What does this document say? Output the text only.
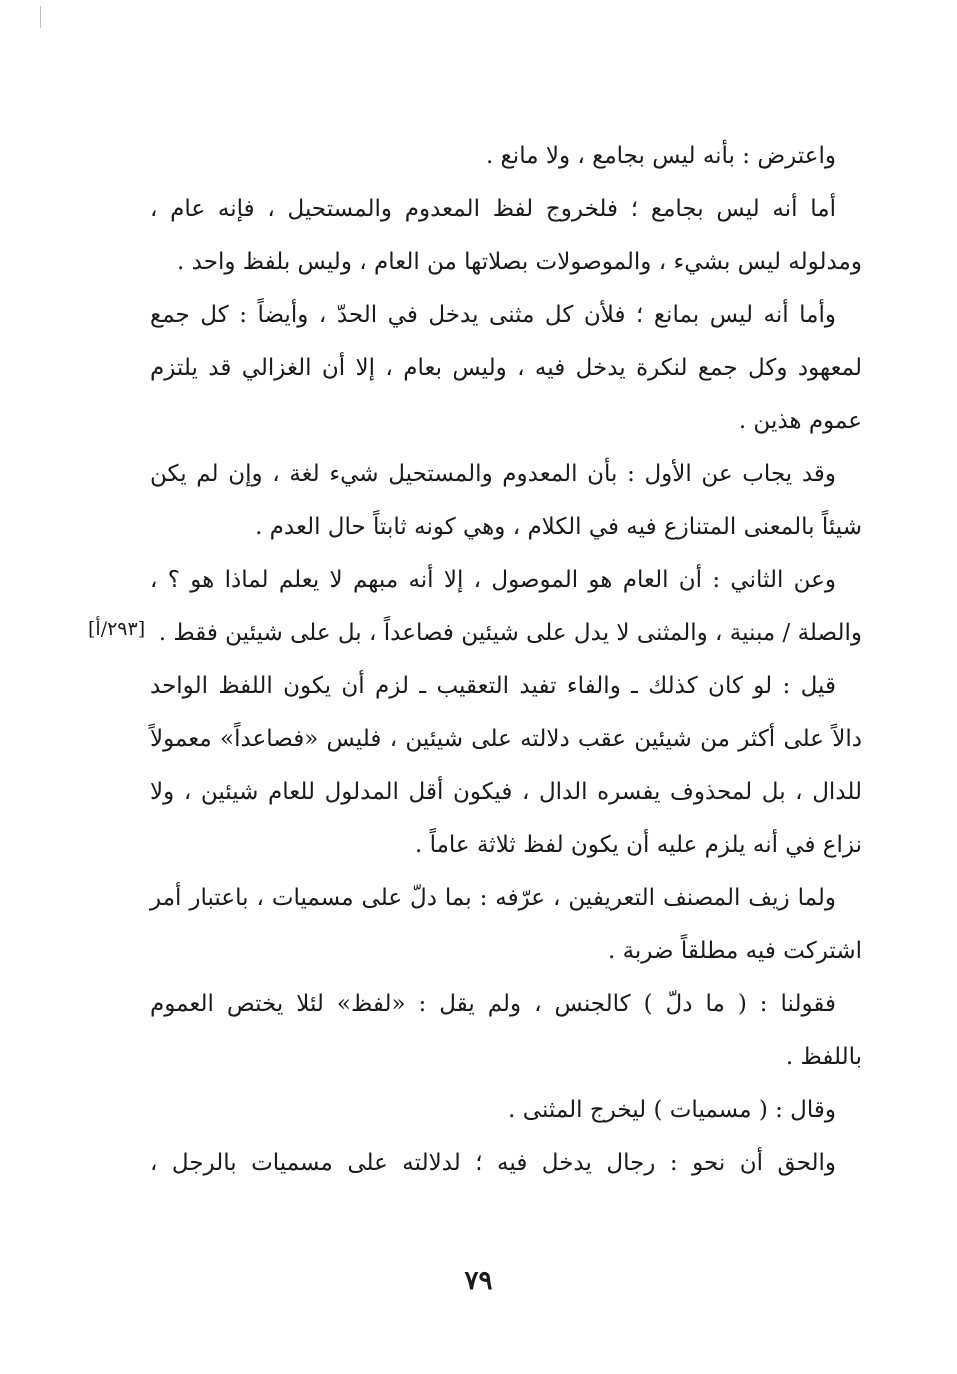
واعترض : بأنه ليس بجامع ، ولا مانع .
أما أنه ليس بجامع ؛ فلخروج لفظ المعدوم والمستحيل ، فإنه عام ،
ومدلوله ليس بشيء ، والموصولات بصلاتها من العام ، وليس بلفظ واحد .
وأما أنه ليس بمانع ؛ فلأن كل مثنى يدخل في الحدّ ، وأيضاً : كل جمع
لمعهود وكل جمع لنكرة يدخل فيه ، وليس بعام ، إلا أن الغزالي قد يلتزم
عموم هذين .
وقد يجاب عن الأول : بأن المعدوم والمستحيل شيء لغة ، وإن لم يكن
شيئاً بالمعنى المتنازع فيه في الكلام ، وهي كونه ثابتاً حال العدم .
وعن الثاني : أن العام هو الموصول ، إلا أنه مبهم لا يعلم لماذا هو ؟ ،
والصلة / مبنية ، والمثنى لا يدل على شيئين فصاعداً ، بل على شيئين فقط .
قيل : لو كان كذلك ـ والفاء تفيد التعقيب ـ لزم أن يكون اللفظ الواحد
دالاً على أكثر من شيئين عقب دلالته على شيئين ، فليس «فصاعداً» معمولاً
للدال ، بل لمحذوف يفسره الدال ، فيكون أقل المدلول للعام شيئين ، ولا
نزاع في أنه يلزم عليه أن يكون لفظ ثلاثة عاماً .
ولما زيف المصنف التعريفين ، عرّفه : بما دلّ على مسميات ، باعتبار أمر
اشتركت فيه مطلقاً ضربة .
فقولنا : ( ما دلّ ) كالجنس ، ولم يقل : «لفظ» لئلا يختص العموم
باللفظ .
وقال : ( مسميات ) ليخرج المثنى .
والحق أن نحو : رجال يدخل فيه ؛ لدلالته على مسميات بالرجل ،
[٢٩٣/أ]
٧٩
